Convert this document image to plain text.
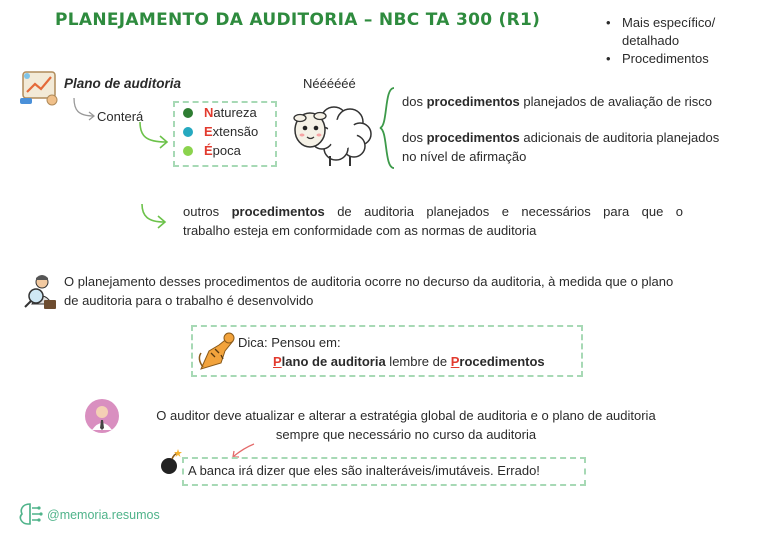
PLANEJAMENTO DA AUDITORIA – NBC TA 300 (R1)
•	Mais específico/ detalhado
• Procedimentos
Plano de auditoria
Conterá	N atureza
E xtensão
É poca
Néééééé
dos procedimentos planejados de avaliação de risco
dos procedimentos adicionais de auditoria planejados
no nível de afirmação
outros procedimentos de auditoria planejados e necessários para que o
trabalho esteja em conformidade com as normas de auditoria
O planejamento desses procedimentos de auditoria ocorre no decurso da auditoria, à medida que o plano
de auditoria para o trabalho é desenvolvido
Dica: Pensou em:
Plano de auditoria lembre de Procedimentos
O auditor deve atualizar e alterar a estratégia global de auditoria e o plano de auditoria
sempre que necessário no curso da auditoria
A banca irá dizer que eles são inalteráveis/imutáveis. Errado!
@memoria.resumos
